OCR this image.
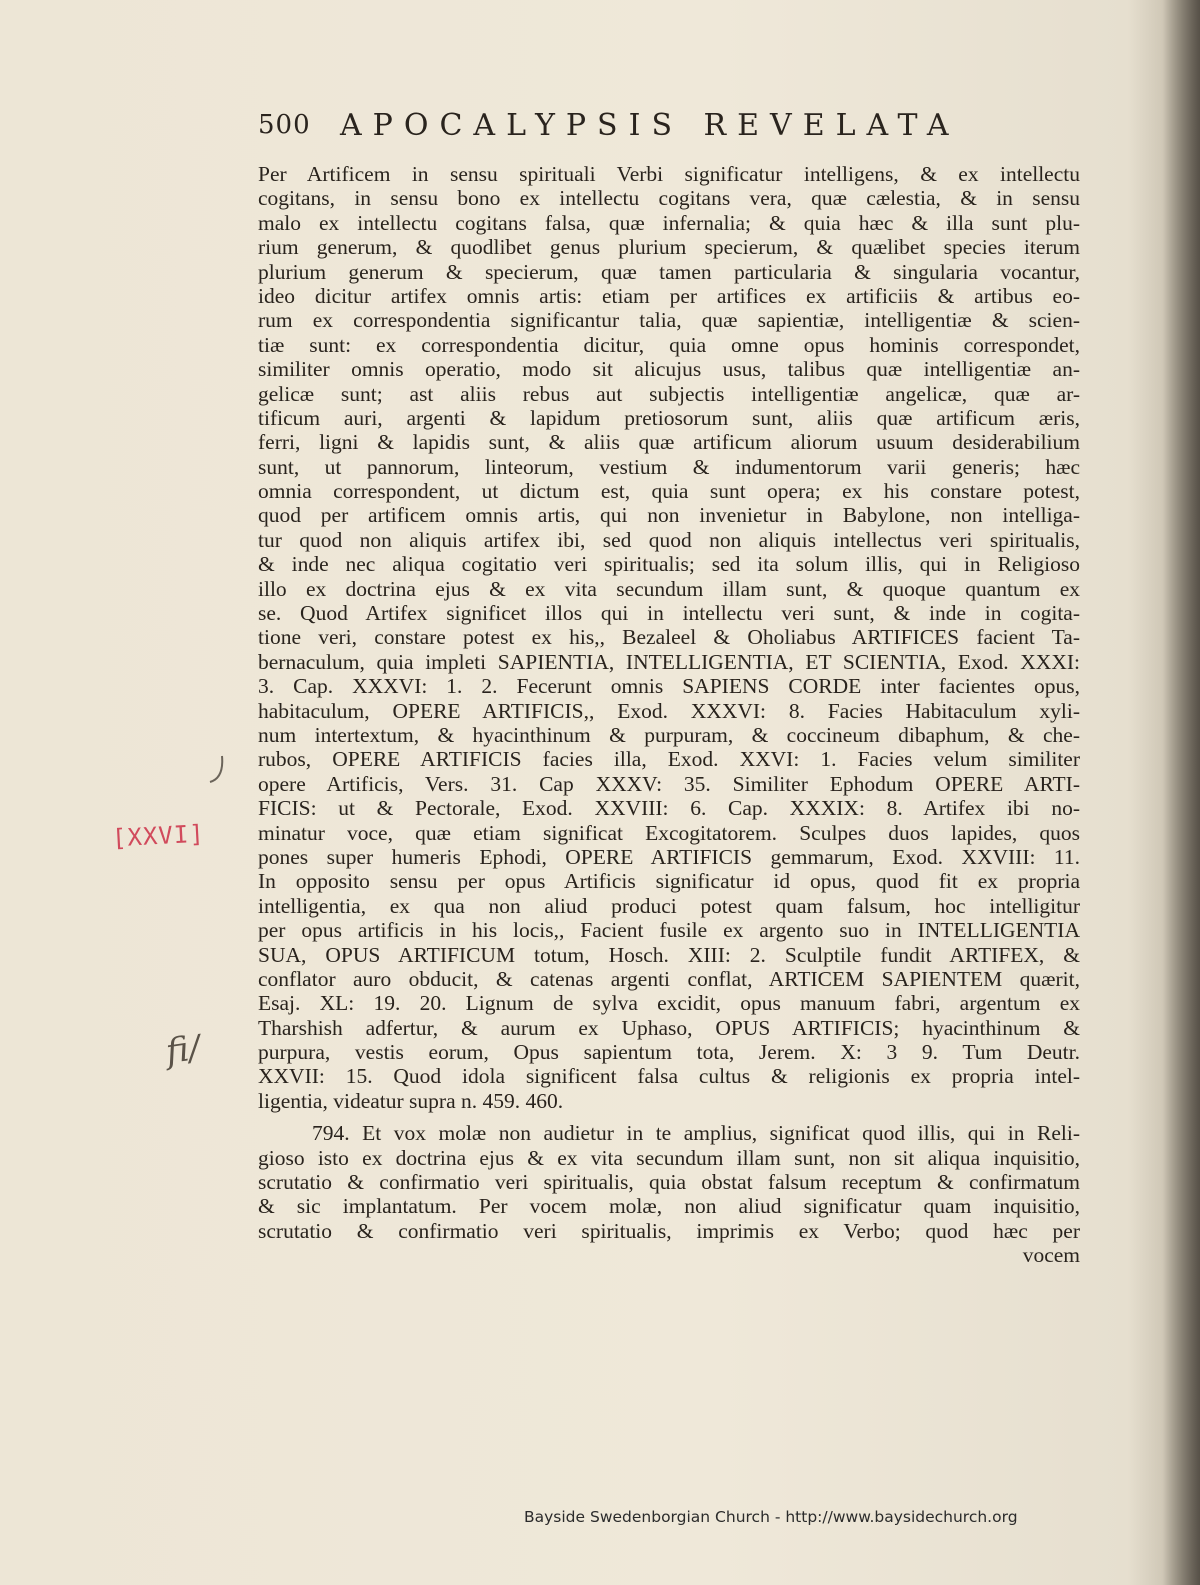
500 APOCALYPSIS REVELATA
Per Artificem in sensu spirituali Verbi significatur intelligens, & ex intellectu
cogitans, in sensu bono ex intellectu cogitans vera, quæ cælestia, & in sensu
malo ex intellectu cogitans falsa, quæ infernalia; & quia hæc & illa sunt plu-
rium generum, & quodlibet genus plurium specierum, & quælibet species iterum
plurium generum & specierum, quæ tamen particularia & singularia vocantur,
ideo dicitur artifex omnis artis: etiam per artifices ex artificiis & artibus eo-
rum ex correspondentia significantur talia, quæ sapientiæ, intelligentiæ & scien-
tiæ sunt: ex correspondentia dicitur, quia omne opus hominis correspondet,
similiter omnis operatio, modo sit alicujus usus, talibus quæ intelligentiæ an-
gelicæ sunt; ast aliis rebus aut subjectis intelligentiæ angelicæ, quæ ar-
tificum auri, argenti & lapidum pretiosorum sunt, aliis quæ artificum æris,
ferri, ligni & lapidis sunt, & aliis quæ artificum aliorum usuum desiderabilium
sunt, ut pannorum, linteorum, vestium & indumentorum varii generis; hæc
omnia correspondent, ut dictum est, quia sunt opera; ex his constare potest,
quod per artificem omnis artis, qui non invenietur in Babylone, non intelliga-
tur quod non aliquis artifex ibi, sed quod non aliquis intellectus veri spiritualis,
& inde nec aliqua cogitatio veri spiritualis; sed ita solum illis, qui in Religioso
illo ex doctrina ejus & ex vita secundum illam sunt, & quoque quantum ex
se. Quod Artifex significet illos qui in intellectu veri sunt, & inde in cogita-
tione veri, constare potest ex his,, Bezaleel & Oholiabus ARTIFICES facient Ta-
bernaculum, quia impleti SAPIENTIA, INTELLIGENTIA, ET SCIENTIA, Exod. XXXI:
3. Cap. XXXVI: 1. 2. Fecerunt omnis SAPIENS CORDE inter facientes opus,
habitaculum, OPERE ARTIFICIS,, Exod. XXXVI: 8. Facies Habitaculum xyli-
num intertextum, & hyacinthinum & purpuram, & coccineum dibaphum, & che-
rubos, OPERE ARTIFICIS facies illa, Exod. XXVI: 1. Facies velum similiter
opere Artificis, Vers. 31. Cap XXXV: 35. Similiter Ephodum OPERE ARTI-
FICIS: ut & Pectorale, Exod. XXVIII: 6. Cap. XXXIX: 8. Artifex ibi no-
minatur voce, quæ etiam significat Excogitatorem. Sculpes duos lapides, quos
pones super humeris Ephodi, OPERE ARTIFICIS gemmarum, Exod. XXVIII: 11.
In opposito sensu per opus Artificis significatur id opus, quod fit ex propria
intelligentia, ex qua non aliud produci potest quam falsum, hoc intelligitur
per opus artificis in his locis,, Facient fusile ex argento suo in INTELLIGENTIA
SUA, OPUS ARTIFICUM totum, Hosch. XIII: 2. Sculptile fundit ARTIFEX, &
conflator auro obducit, & catenas argenti conflat, ARTICEM SAPIENTEM quærit,
Esaj. XL: 19. 20. Lignum de sylva excidit, opus manuum fabri, argentum ex
Tharshish adfertur, & aurum ex Uphaso, OPUS ARTIFICIS; hyacinthinum &
purpura, vestis eorum, Opus sapientum tota, Jerem. X: 3 9. Tum Deutr.
XXVII: 15. Quod idola significent falsa cultus & religionis ex propria intel-
ligentia, videatur supra n. 459. 460.
794. Et vox molæ non audietur in te amplius, significat quod illis, qui in Reli-
gioso isto ex doctrina ejus & ex vita secundum illam sunt, non sit aliqua inquisitio,
scrutatio & confirmatio veri spiritualis, quia obstat falsum receptum & confirmatum
& sic implantatum. Per vocem molæ, non aliud significatur quam inquisitio,
scrutatio & confirmatio veri spiritualis, imprimis ex Verbo; quod hæc per
vocem
[XXVI]
fi/
Bayside Swedenborgian Church - http://www.baysidechurch.org
